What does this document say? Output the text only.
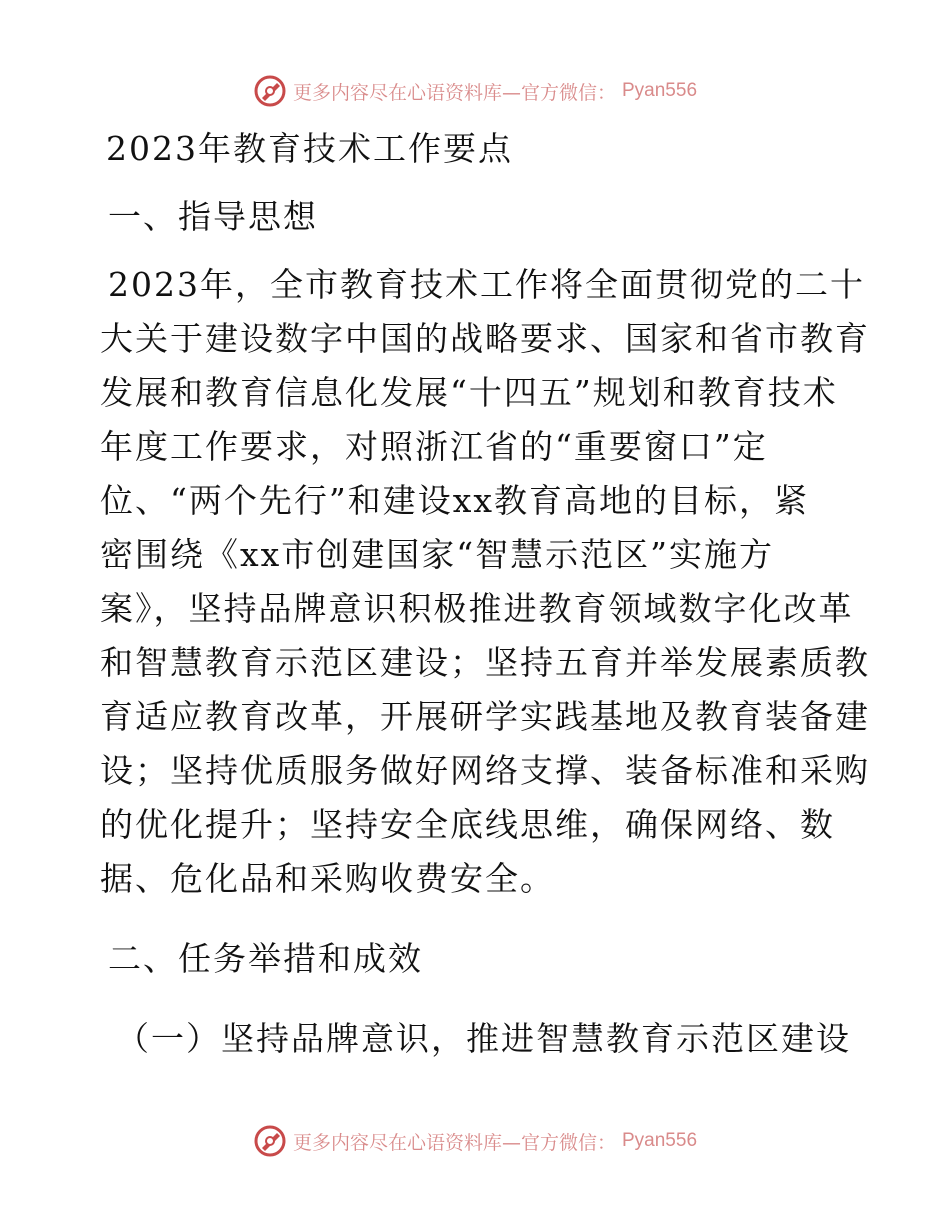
更多内容尽在心语资料库—官方微信： Pyan556
2023年教育技术工作要点
一、指导思想
2023年，全市教育技术工作将全面贯彻党的二十
大关于建设数字中国的战略要求、国家和省市教育
发展和教育信息化发展“十四五”规划和教育技术
年度工作要求，对照浙江省的“重要窗口”定
位、“两个先行”和建设xx教育高地的目标，紧
密围绕《xx市创建国家“智慧示范区”实施方
案》，坚持品牌意识积极推进教育领域数字化改革
和智慧教育示范区建设；坚持五育并举发展素质教
育适应教育改革，开展研学实践基地及教育装备建
设；坚持优质服务做好网络支撑、装备标准和采购
的优化提升；坚持安全底线思维，确保网络、数
据、危化品和采购收费安全。
二、任务举措和成效
（一）坚持品牌意识，推进智慧教育示范区建设
更多内容尽在心语资料库—官方微信： Pyan556
